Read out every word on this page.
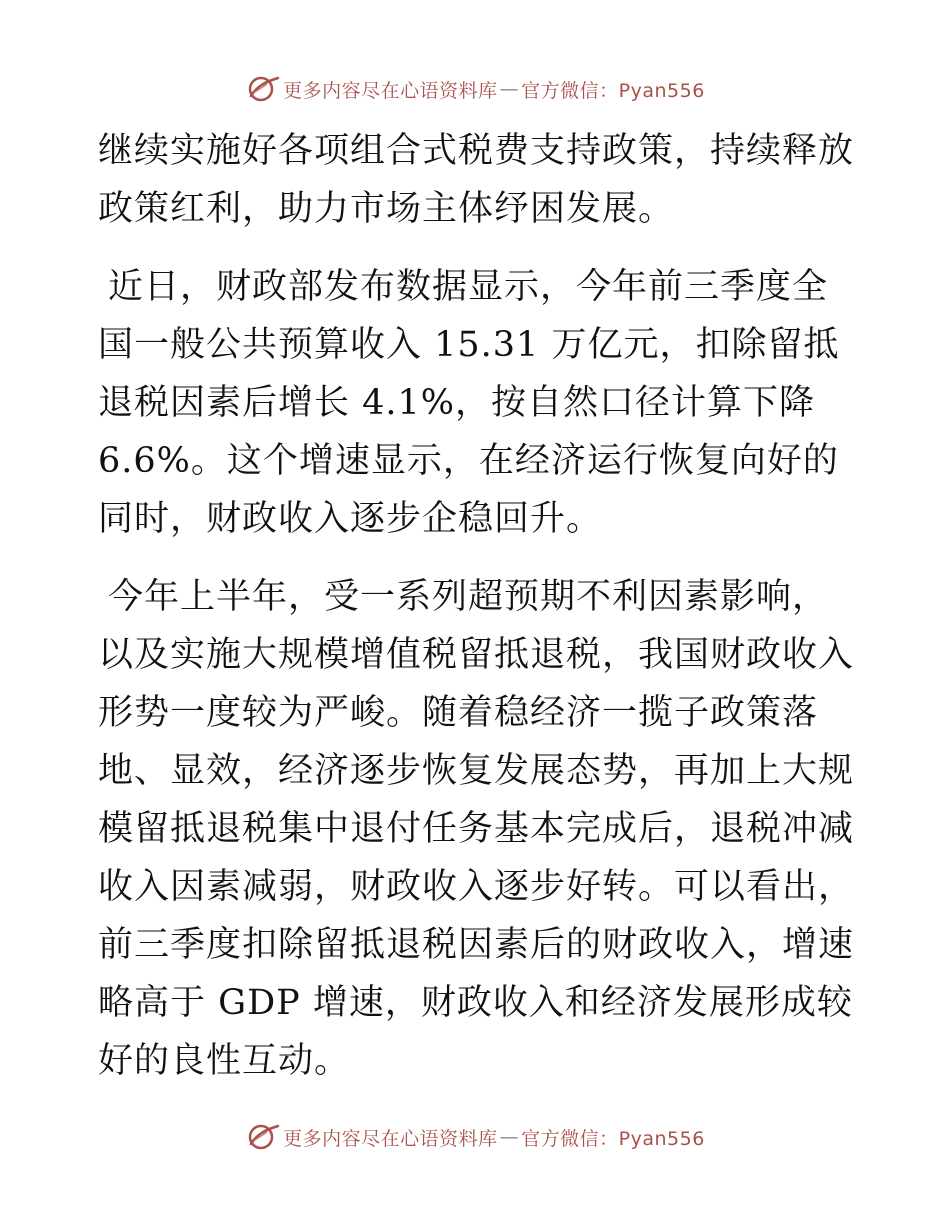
更多内容尽在心语资料库 — 官方微信：Pyan556

继续实施好各项组合式税费支持政策，持续释放政策红利，助力市场主体纾困发展。

近日，财政部发布数据显示，今年前三季度全国一般公共预算收入 15.31 万亿元，扣除留抵退税因素后增长 4.1%，按自然口径计算下降 6.6%。这个增速显示，在经济运行恢复向好的同时，财政收入逐步企稳回升。

今年上半年，受一系列超预期不利因素影响，以及实施大规模增值税留抵退税，我国财政收入形势一度较为严峻。随着稳经济一揽子政策落地、显效，经济逐步恢复发展态势，再加上大规模留抵退税集中退付任务基本完成后，退税冲减收入因素减弱，财政收入逐步好转。可以看出，前三季度扣除留抵退税因素后的财政收入，增速略高于 GDP 增速，财政收入和经济发展形成较好的良性互动。

更多内容尽在心语资料库 — 官方微信：Pyan556
